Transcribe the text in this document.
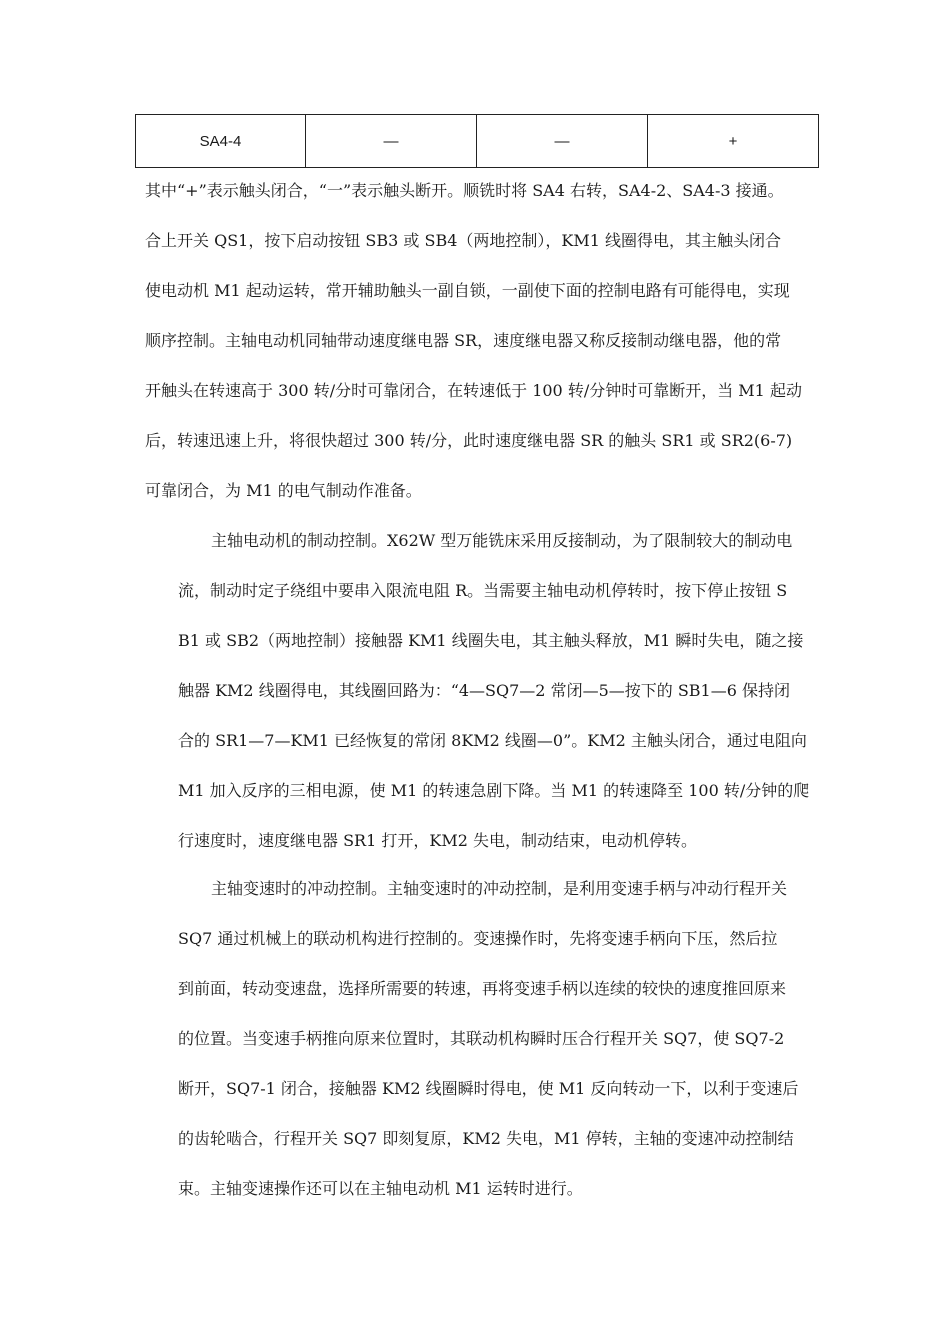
SA4-4	—	—	+
其中“+”表示触头闭合，“一”表示触头断开。顺铣时将 SA4 右转，SA4-2、SA4-3 接通。
合上开关 QS1，按下启动按钮 SB3 或 SB4（两地控制），KM1 线圈得电，其主触头闭合
使电动机 M1 起动运转，常开辅助触头一副自锁，一副使下面的控制电路有可能得电，实现
顺序控制。主轴电动机同轴带动速度继电器 SR，速度继电器又称反接制动继电器，他的常
开触头在转速高于 300 转/分时可靠闭合，在转速低于 100 转/分钟时可靠断开，当 M1 起动
后，转速迅速上升，将很快超过 300 转/分，此时速度继电器 SR 的触头 SR1 或 SR2(6-7)
可靠闭合，为 M1 的电气制动作准备。
主轴电动机的制动控制。X62W 型万能铣床采用反接制动，为了限制较大的制动电
流，制动时定子绕组中要串入限流电阻 R。当需要主轴电动机停转时，按下停止按钮 S
B1 或 SB2（两地控制）接触器 KM1 线圈失电，其主触头释放，M1 瞬时失电，随之接
触器 KM2 线圈得电，其线圈回路为：“4—SQ7—2 常闭—5—按下的 SB1—6 保持闭
合的 SR1—7—KM1 已经恢复的常闭 8KM2 线圈—0”。KM2 主触头闭合，通过电阻向
M1 加入反序的三相电源，使 M1 的转速急剧下降。当 M1 的转速降至 100 转/分钟的爬
行速度时，速度继电器 SR1 打开，KM2 失电，制动结束，电动机停转。
主轴变速时的冲动控制。主轴变速时的冲动控制，是利用变速手柄与冲动行程开关
SQ7 通过机械上的联动机构进行控制的。变速操作时，先将变速手柄向下压，然后拉
到前面，转动变速盘，选择所需要的转速，再将变速手柄以连续的较快的速度推回原来
的位置。当变速手柄推向原来位置时，其联动机构瞬时压合行程开关 SQ7，使 SQ7-2
断开，SQ7-1 闭合，接触器 KM2 线圈瞬时得电，使 M1 反向转动一下，以利于变速后
的齿轮啮合，行程开关 SQ7 即刻复原，KM2 失电，M1 停转，主轴的变速冲动控制结
束。主轴变速操作还可以在主轴电动机 M1 运转时进行。
